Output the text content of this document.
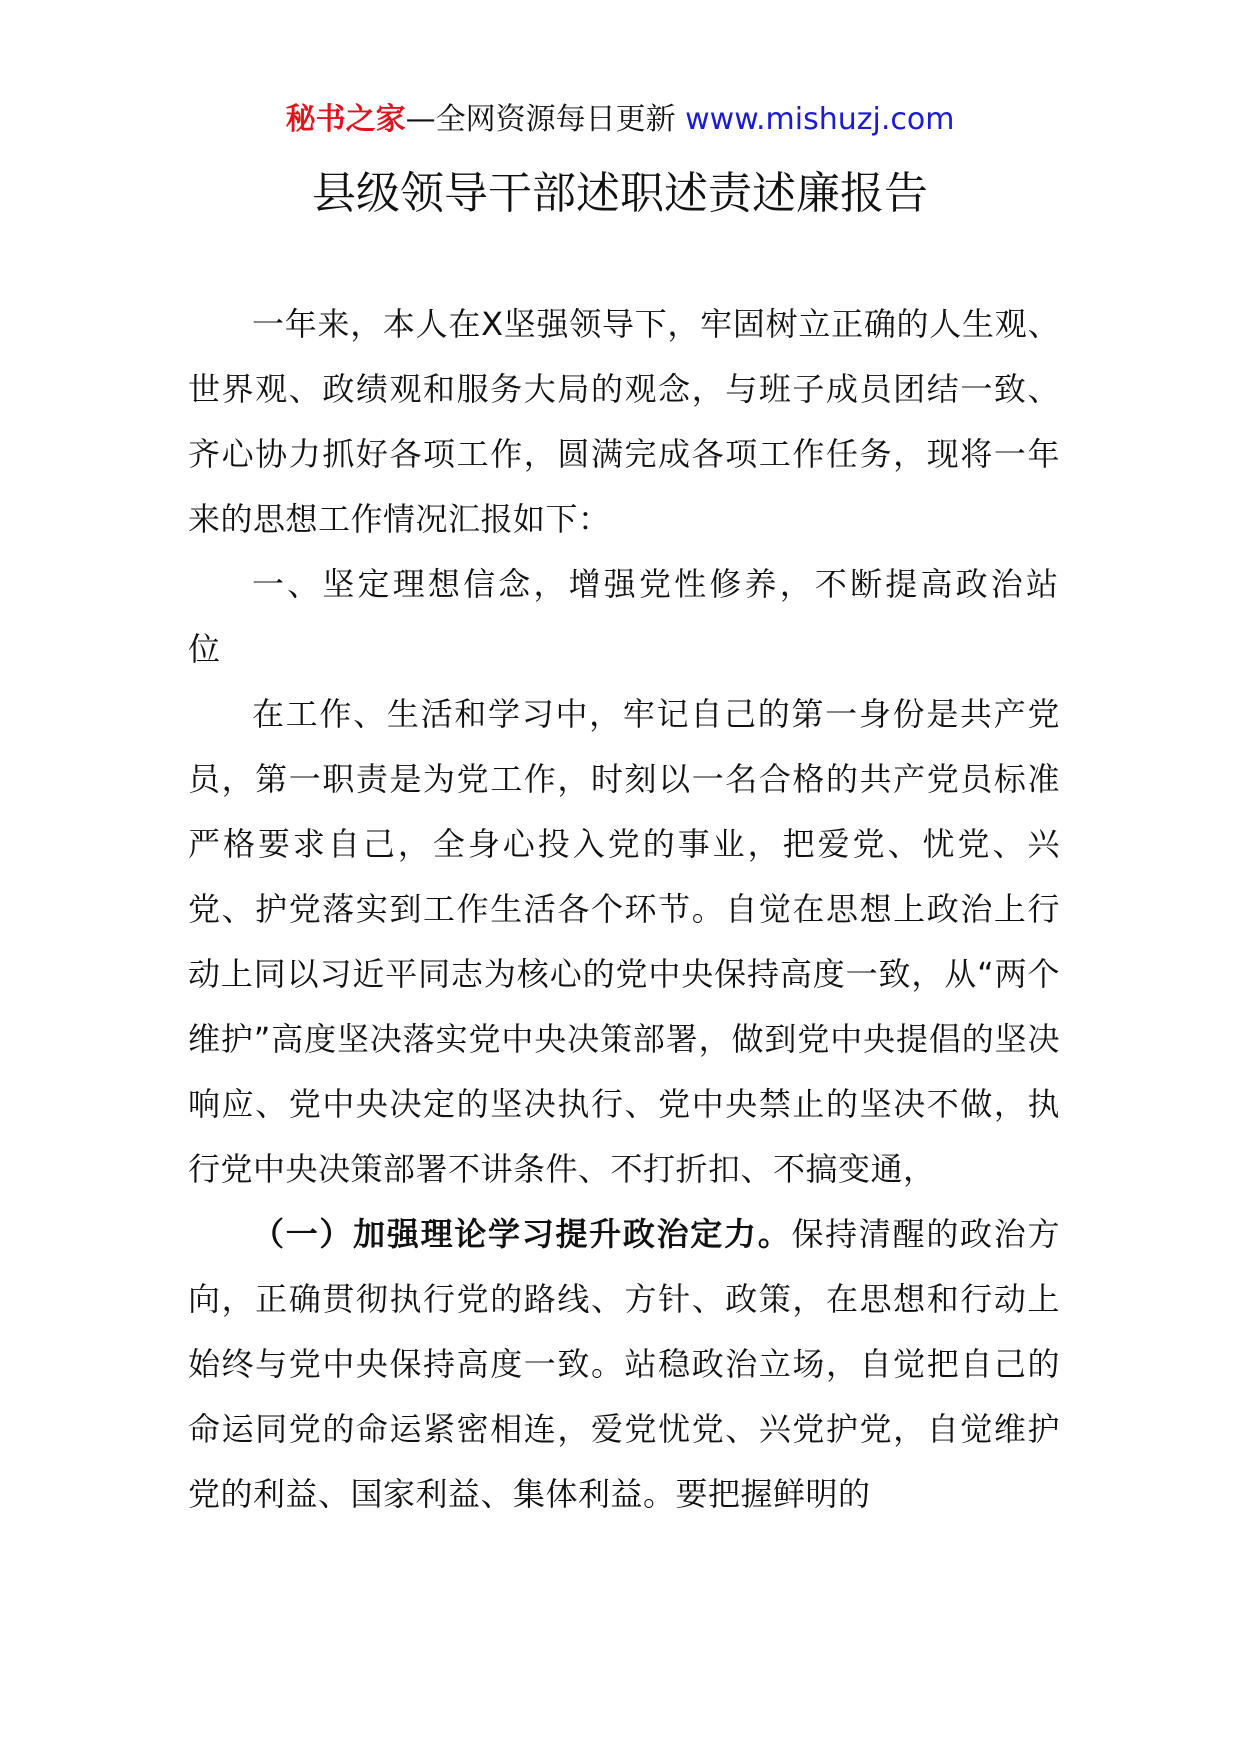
秘书之家—全网资源每日更新 www.mishuzj.com
县级领导干部述职述责述廉报告

一年来，本人在X坚强领导下，牢固树立正确的人生观、世界观、政绩观和服务大局的观念，与班子成员团结一致、齐心协力抓好各项工作，圆满完成各项工作任务，现将一年来的思想工作情况汇报如下：

一、坚定理想信念，增强党性修养，不断提高政治站位

在工作、生活和学习中，牢记自己的第一身份是共产党员，第一职责是为党工作，时刻以一名合格的共产党员标准严格要求自己，全身心投入党的事业，把爱党、忧党、兴党、护党落实到工作生活各个环节。自觉在思想上政治上行动上同以习近平同志为核心的党中央保持高度一致，从“两个维护”高度坚决落实党中央决策部署，做到党中央提倡的坚决响应、党中央决定的坚决执行、党中央禁止的坚决不做，执行党中央决策部署不讲条件、不打折扣、不搞变通，

（一）加强理论学习提升政治定力。保持清醒的政治方向，正确贯彻执行党的路线、方针、政策，在思想和行动上始终与党中央保持高度一致。站稳政治立场，自觉把自己的命运同党的命运紧密相连，爱党忧党、兴党护党，自觉维护党的利益、国家利益、集体利益。要把握鲜明的
